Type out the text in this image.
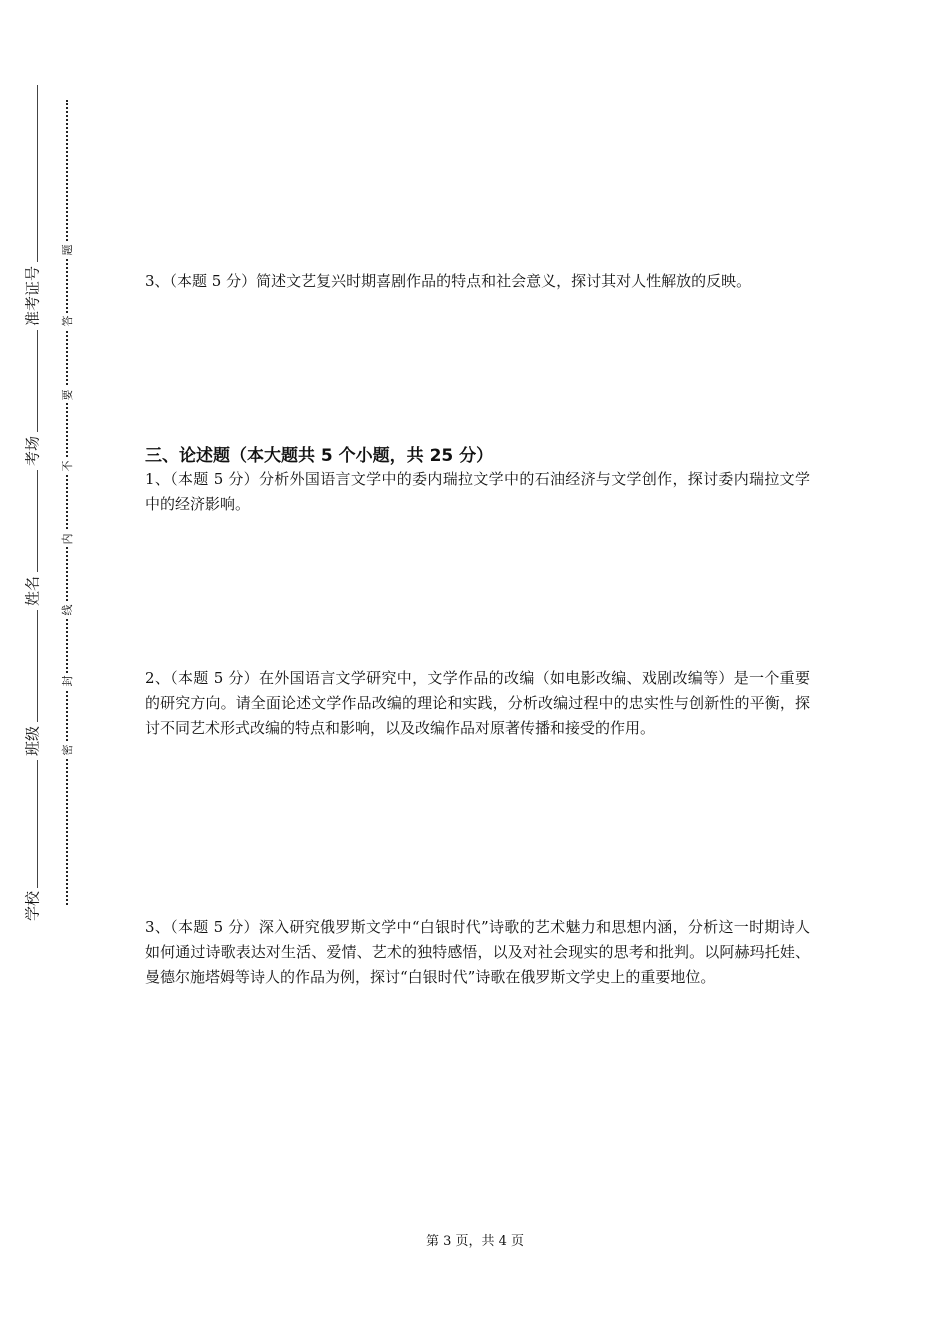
准考证号
考场
姓名
班级
学校
题
答
要
不
内
线
封
密
3、（本题 5 分）简述文艺复兴时期喜剧作品的特点和社会意义，探讨其对人性解放的反映。
三、论述题（本大题共 5 个小题，共 25 分）
1、（本题 5 分）分析外国语言文学中的委内瑞拉文学中的石油经济与文学创作，探讨委内瑞拉文学中的经济影响。
2、（本题 5 分）在外国语言文学研究中，文学作品的改编（如电影改编、戏剧改编等）是一个重要的研究方向。请全面论述文学作品改编的理论和实践，分析改编过程中的忠实性与创新性的平衡，探讨不同艺术形式改编的特点和影响，以及改编作品对原著传播和接受的作用。
3、（本题 5 分）深入研究俄罗斯文学中“白银时代”诗歌的艺术魅力和思想内涵，分析这一时期诗人如何通过诗歌表达对生活、爱情、艺术的独特感悟，以及对社会现实的思考和批判。以阿赫玛托娃、曼德尔施塔姆等诗人的作品为例，探讨“白银时代”诗歌在俄罗斯文学史上的重要地位。
第 3 页，共 4 页
